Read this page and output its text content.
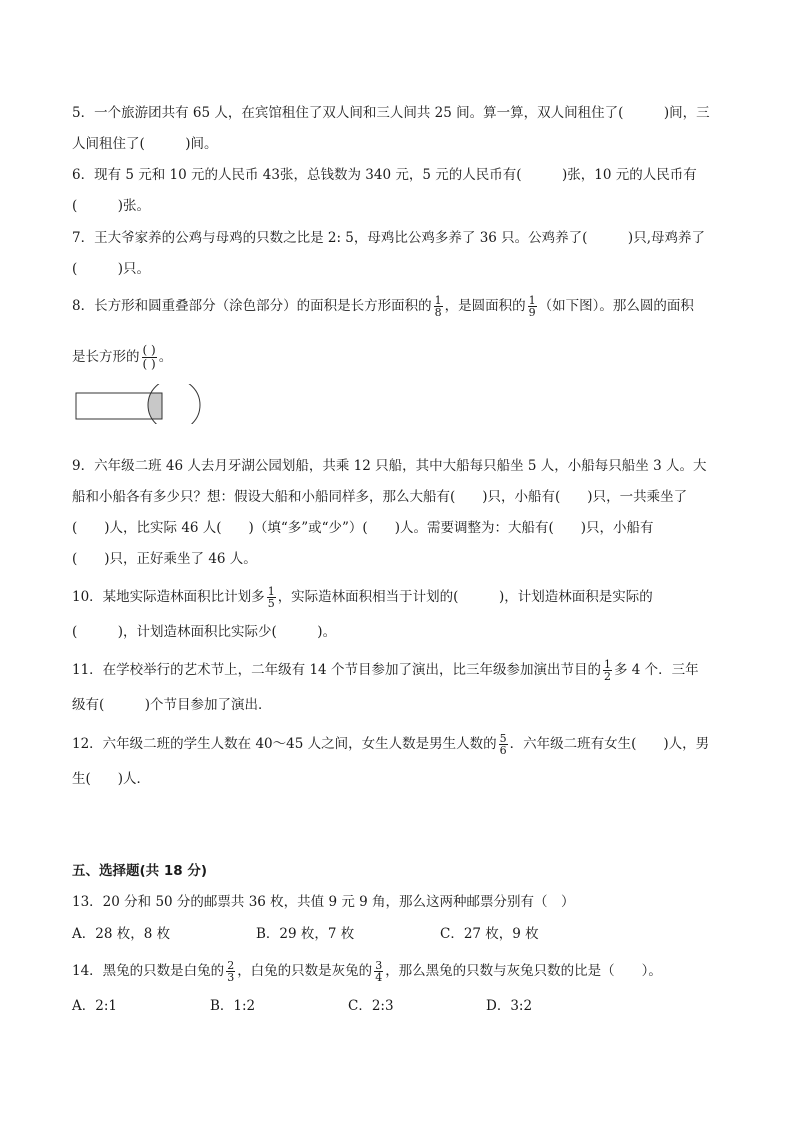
5．一个旅游团共有 65 人，在宾馆租住了双人间和三人间共 25 间。算一算，双人间租住了(　　　)间，三
人间租住了(　　　)间。
6．现有 5 元和 10 元的人民币 43张，总钱数为 340 元，5 元的人民币有(　　　)张，10 元的人民币有
(　　　)张。
7．王大爷家养的公鸡与母鸡的只数之比是 2: 5，母鸡比公鸡多养了 36 只。公鸡养了(　　　)只,母鸡养了
(　　　)只。
8．长方形和圆重叠部分（涂色部分）的面积是长方形面积的 $\frac{1}{8}$ ，是圆面积的 $\frac{1}{9}$ （如下图）。那么圆的面积
是长方形的 $\frac{( )}{( )}$ 。
9．六年级二班 46 人去月牙湖公园划船，共乘 12 只船，其中大船每只船坐 5 人，小船每只船坐 3 人。大
船和小船各有多少只？想：假设大船和小船同样多，那么大船有(　　)只，小船有(　　)只，一共乘坐了
(　　)人，比实际 46 人(　　)（填“多”或“少”）(　　)人。需要调整为：大船有(　　)只，小船有
(　　)只，正好乘坐了 46 人。
10．某地实际造林面积比计划多 $\frac{1}{5}$ ，实际造林面积相当于计划的(　　　)，计划造林面积是实际的
(　　　)，计划造林面积比实际少(　　　)。
11．在学校举行的艺术节上，二年级有 14 个节目参加了演出，比三年级参加演出节目的 $\frac{1}{2}$ 多 4 个．三年
级有(　　　)个节目参加了演出．
12．六年级二班的学生人数在 40～45 人之间，女生人数是男生人数的 $\frac{5}{6}$ ．六年级二班有女生(　　)人，男
生(　　)人．
五、选择题(共 18 分)
13．20 分和 50 分的邮票共 36 枚，共值 9 元 9 角，那么这两种邮票分别有（　）
A．28 枚，8 枚	B．29 枚，7 枚	C．27 枚，9 枚
14．黑兔的只数是白兔的 $\frac{2}{3}$ ，白兔的只数是灰兔的 $\frac{3}{4}$ ，那么黑兔的只数与灰兔只数的比是（　　）。
A．2:1	B．1:2	C．2:3	D．3:2
